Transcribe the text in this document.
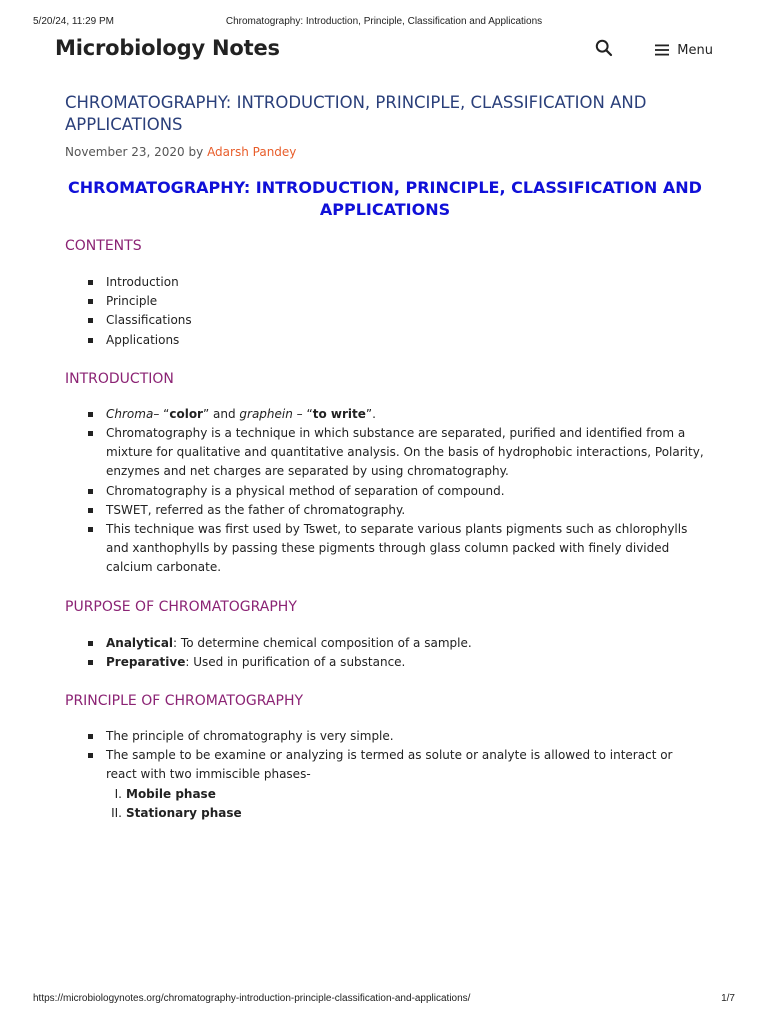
5/20/24, 11:29 PM	Chromatography: Introduction, Principle, Classification and Applications
Microbiology Notes	Menu
CHROMATOGRAPHY: INTRODUCTION, PRINCIPLE, CLASSIFICATION AND APPLICATIONS
November 23, 2020 by Adarsh Pandey
CHROMATOGRAPHY: INTRODUCTION, PRINCIPLE, CLASSIFICATION AND APPLICATIONS
CONTENTS
Introduction
Principle
Classifications
Applications
INTRODUCTION
Chroma– “color” and graphein – “to write”.
Chromatography is a technique in which substance are separated, purified and identified from a mixture for qualitative and quantitative analysis. On the basis of hydrophobic interactions, Polarity, enzymes and net charges are separated by using chromatography.
Chromatography is a physical method of separation of compound.
TSWET, referred as the father of chromatography.
This technique was first used by Tswet, to separate various plants pigments such as chlorophylls and xanthophylls by passing these pigments through glass column packed with finely divided calcium carbonate.
PURPOSE OF CHROMATOGRAPHY
Analytical: To determine chemical composition of a sample.
Preparative: Used in purification of a substance.
PRINCIPLE OF CHROMATOGRAPHY
The principle of chromatography is very simple.
The sample to be examine or analyzing is termed as solute or analyte is allowed to interact or react with two immiscible phases-
I. Mobile phase
II. Stationary phase
https://microbiologynotes.org/chromatography-introduction-principle-classification-and-applications/	1/7
